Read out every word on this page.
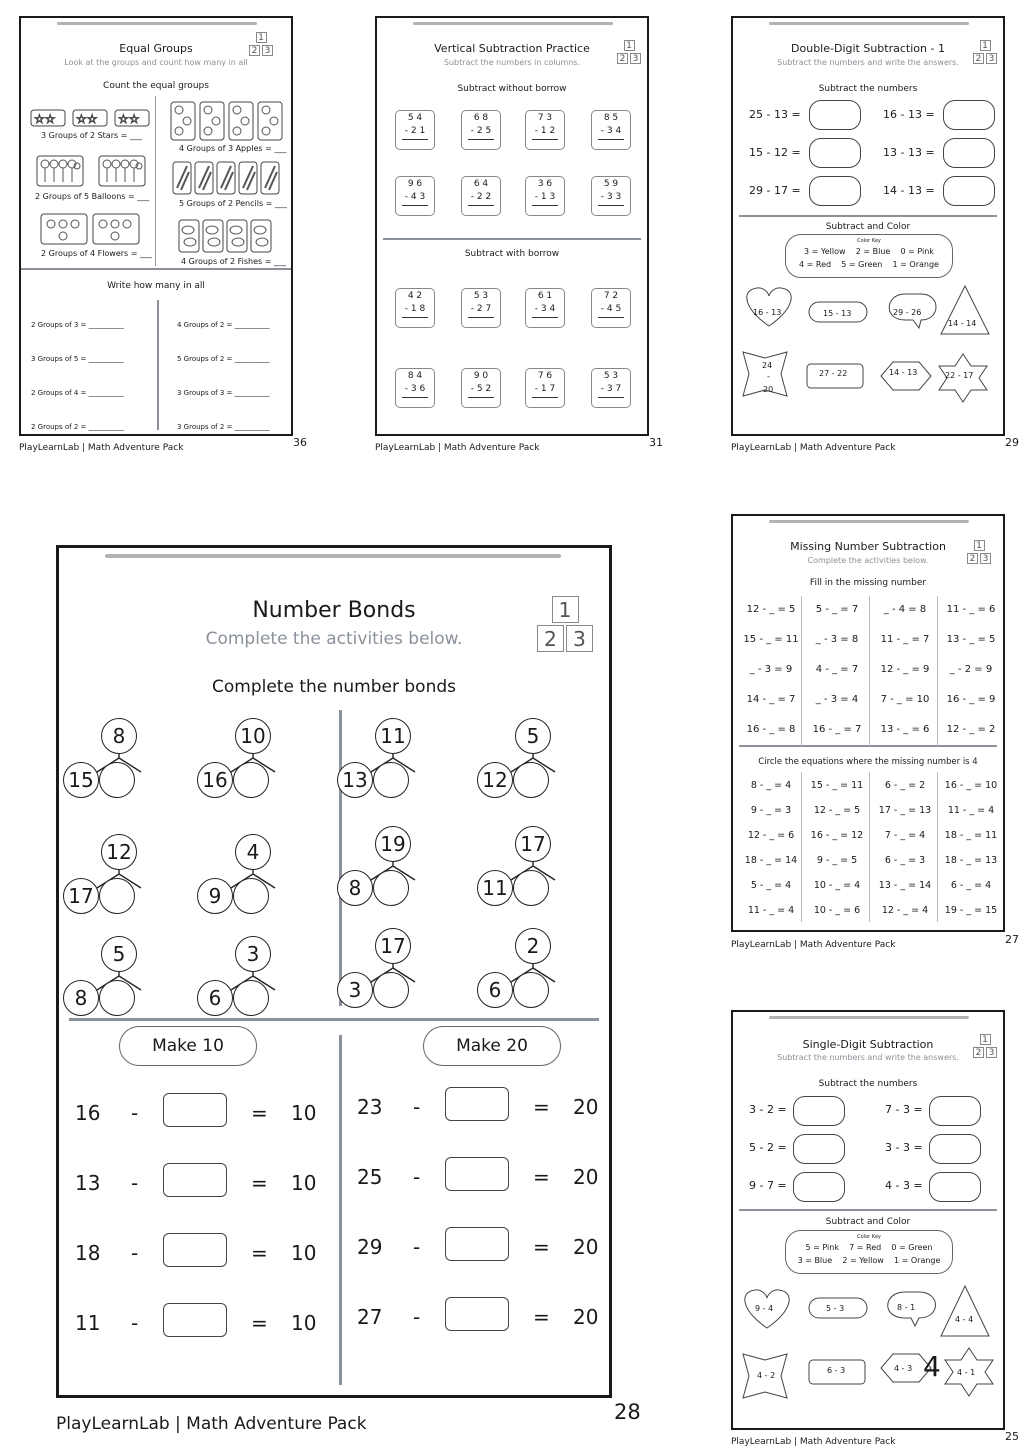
Equal Groups
Look at the groups and count how many in all
1
2 3
Count the equal groups
☆☆ ☆☆ ☆☆
3 Groups of 2 Stars = ___
4 Groups of 3 Apples = ___
2 Groups of 5 Balloons = ___
5 Groups of 2 Pencils = ___
2 Groups of 4 Flowers = ___
4 Groups of 2 Fishes = ___
Write how many in all
2 Groups of 3 = __________
3 Groups of 5 = __________
2 Groups of 4 = __________
2 Groups of 2 = __________
4 Groups of 2 = __________
5 Groups of 2 = __________
3 Groups of 3 = __________
3 Groups of 2 = __________
PlayLearnLab | Math Adventure Pack	36
Vertical Subtraction Practice
Subtract the numbers in columns.
1
2 3
Subtract without borrow
Subtract with borrow
5 4
- 2 1
6 8
- 2 5
7 3
- 1 2
8 5
- 3 4
9 6
- 4 3
6 4
- 2 2
3 6
- 1 3
5 9
- 3 3
4 2
- 1 8
5 3
- 2 7
6 1
- 3 4
7 2
- 4 5
8 4
- 3 6
9 0
- 5 2
7 6
- 1 7
5 3
- 3 7
PlayLearnLab | Math Adventure Pack	31
Double-Digit Subtraction - 1
Subtract the numbers and write the answers.
1
2 3
Subtract the numbers
25 - 13 =
15 - 12 =
29 - 17 =
16 - 13 =
13 - 13 =
14 - 13 =
Subtract and Color
Color Key
3 = Yellow    2 = Blue    0 = Pink
4 = Red    5 = Green    1 = Orange
16 - 13	15 - 13	29 - 26
14 - 14
24
-
20
27 - 22	14 - 13	22 - 17
PlayLearnLab | Math Adventure Pack	29
Number Bonds
Complete the activities below.
1
2 3
Complete the number bonds
Make 10	Make 20
8
15
10
16
11
13
5
12
12
17
4
9
19
8
17
11
5
8
3
6
17
3
2
6
16 -	= 10
13 -	= 10
18 -	= 10
11 -	= 10
23 -	= 20
25 -	= 20
29 -	= 20
27 -	= 20
PlayLearnLab | Math Adventure Pack	28
Missing Number Subtraction
Complete the activities below.
1
2 3
Fill in the missing number
Circle the equations where the missing number is 4
12 - _ = 5	5 - _ = 7	_ - 4 = 8	11 - _ = 6
15 - _ = 11	_ - 3 = 8	11 - _ = 7	13 - _ = 5
_ - 3 = 9	4 - _ = 7	12 - _ = 9	_ - 2 = 9
14 - _ = 7	_ - 3 = 4	7 - _ = 10	16 - _ = 9
16 - _ = 8	16 - _ = 7	13 - _ = 6	12 - _ = 2
8 - _ = 4	15 - _ = 11	6 - _ = 2	16 - _ = 10
9 - _ = 3	12 - _ = 5	17 - _ = 13	11 - _ = 4
12 - _ = 6	16 - _ = 12	7 - _ = 4	18 - _ = 11
18 - _ = 14	9 - _ = 5	6 - _ = 3	18 - _ = 13
5 - _ = 4	10 - _ = 4	13 - _ = 14	6 - _ = 4
11 - _ = 4	10 - _ = 6	12 - _ = 4	19 - _ = 15
PlayLearnLab | Math Adventure Pack	27
Single-Digit Subtraction
Subtract the numbers and write the answers.
1
2 3
Subtract the numbers
3 - 2 =
5 - 2 =
9 - 7 =
7 - 3 =
3 - 3 =
4 - 3 =
Subtract and Color
Color Key
5 = Pink    7 = Red    0 = Green
3 = Blue    2 = Yellow    1 = Orange
9 - 4	5 - 3	8 - 1
4 - 4
4 - 2
6 - 3	4 - 3 4 4 - 1
PlayLearnLab | Math Adventure Pack	25
